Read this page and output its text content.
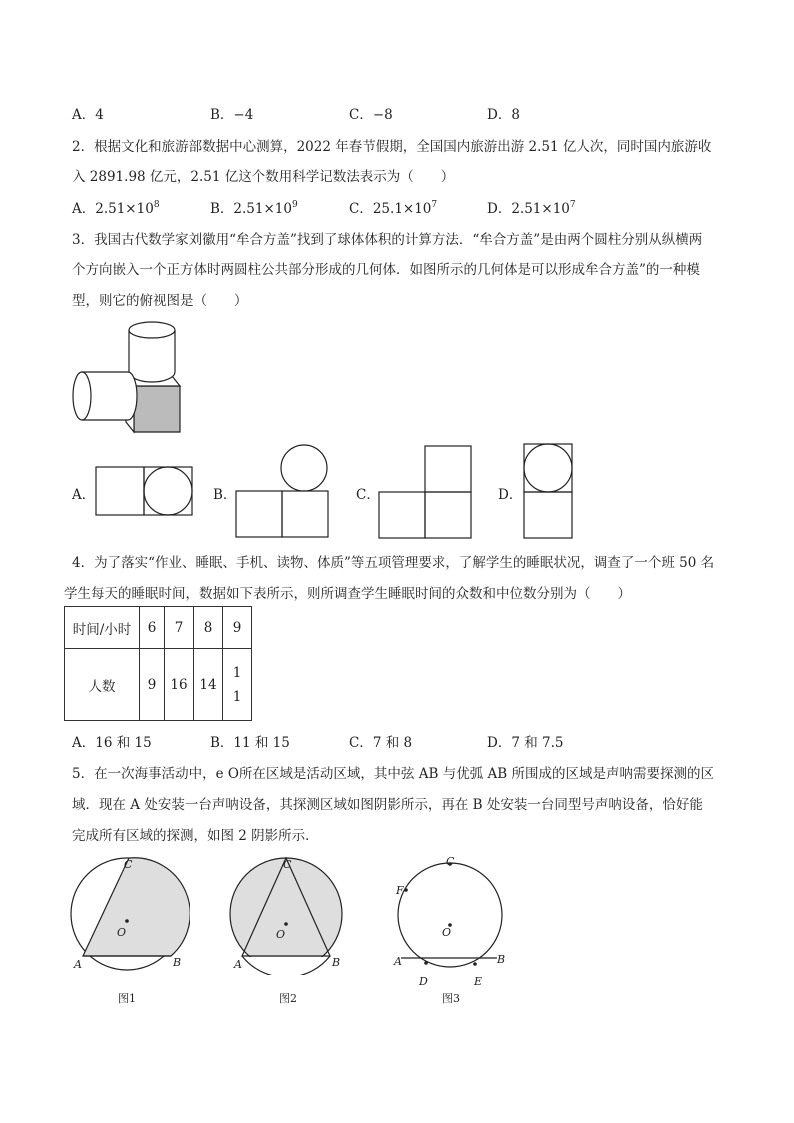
A．4	B．−4	C．−8	D．8
2．根据文化和旅游部数据中心测算，2022 年春节假期，全国国内旅游出游 2.51 亿人次，同时国内旅游收
入 2891.98 亿元，2.51 亿这个数用科学记数法表示为（　　）
A．$2.51\times 10^8$	B．$2.51\times 10^9$	C．$25.1\times 10^7$	D．$2.51\times 10^7$
3．我国古代数学家刘徽用“牟合方盖”找到了球体体积的计算方法．“牟合方盖”是由两个圆柱分别从纵横两
个方向嵌入一个正方体时两圆柱公共部分形成的几何体．如图所示的几何体是可以形成牟合方盖”的一种模
型，则它的俯视图是（　　）
A．	B．	C．	D．
4．为了落实“作业、睡眠、手机、读物、体质”等五项管理要求，了解学生的睡眠状况，调查了一个班 50 名
学生每天的睡眠时间，数据如下表所示，则所调查学生睡眠时间的众数和中位数分别为（　　）
时间/小时	6	7	8	9
人数	9	16	14	1
1
A．16 和 15	B．11 和 15	C．7 和 8	D．7 和 7.5
5．在一次海事活动中，e O所在区域是活动区域，其中弦 AB 与优弧 AB 所围成的区域是声呐需要探测的区
域．现在 A 处安装一台声呐设备，其探测区域如图阴影所示，再在 B 处安装一台同型号声呐设备，恰好能
完成所有区域的探测，如图 2 阴影所示．
C
O
A	B
图1
C
O
A	B
图2
C
F
O
A	B
D	E
图3
